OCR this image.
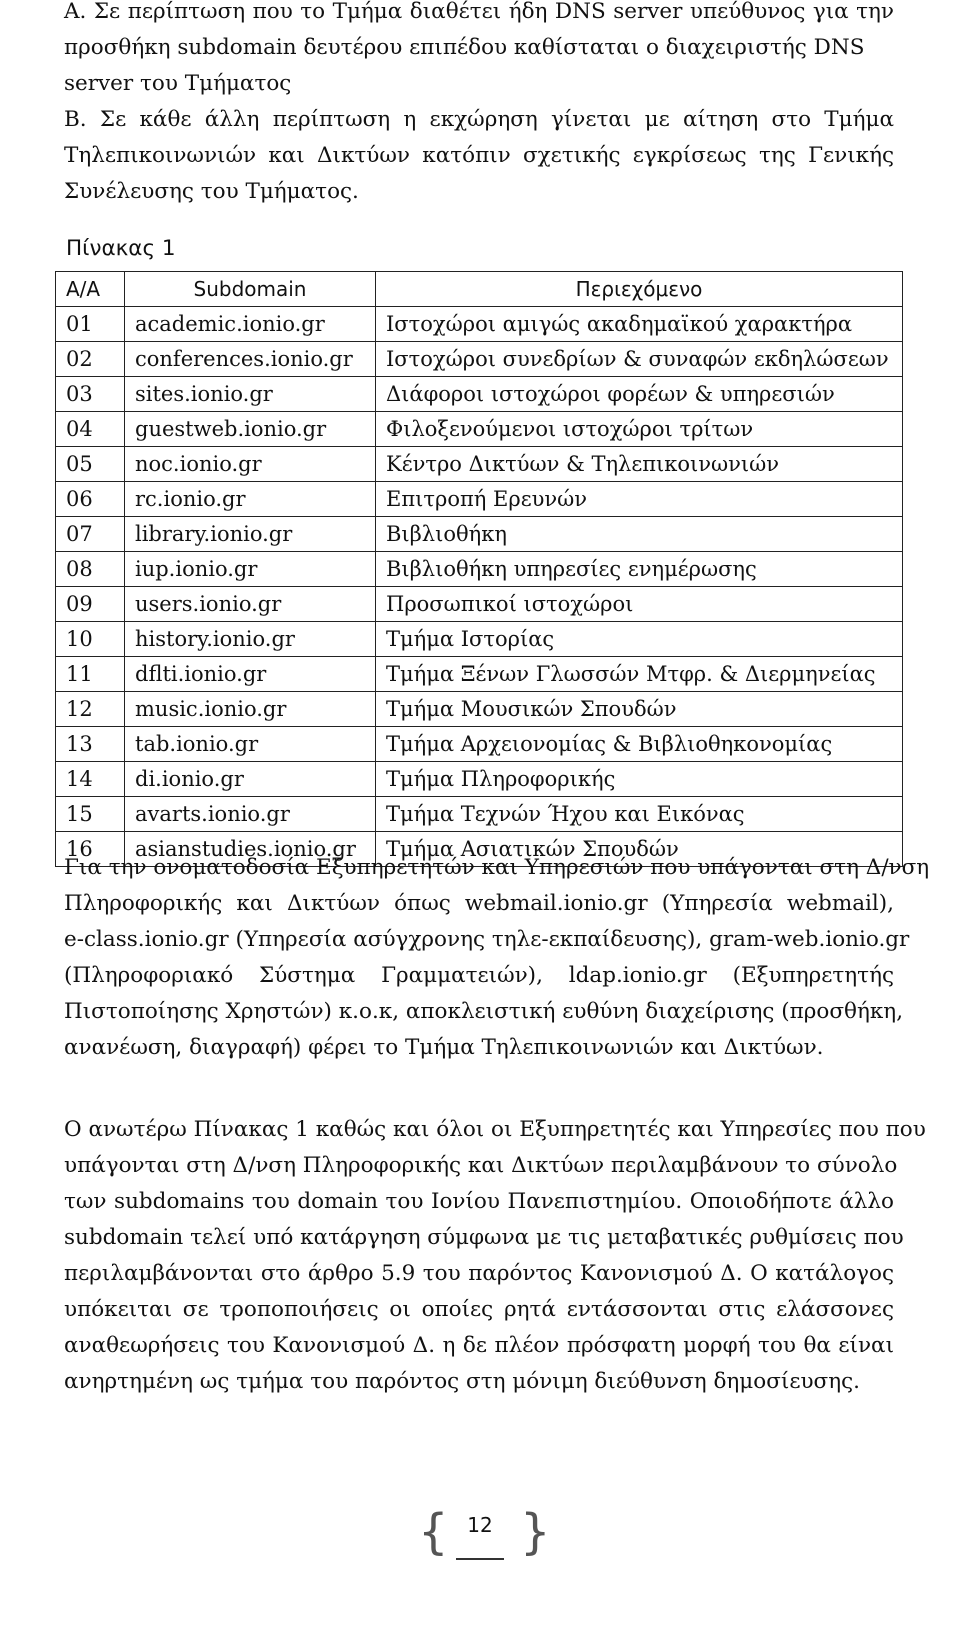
Α. Σε περίπτωση που το Τμήμα διαθέτει ήδη DNS server υπεύθυνος για την
προσθήκη subdomain δευτέρου επιπέδου καθίσταται ο διαχειριστής DNS
server του Τμήματος
Β. Σε κάθε άλλη περίπτωση η εκχώρηση γίνεται με αίτηση στο Τμήμα
Τηλεπικοινωνιών και Δικτύων κατόπιν σχετικής εγκρίσεως της Γενικής
Συνέλευσης του Τμήματος.
Πίνακας 1
Α/Α	Subdomain	Περιεχόμενο
01	academic.ionio.gr	Ιστοχώροι αμιγώς ακαδημαϊκού χαρακτήρα
02	conferences.ionio.gr	Ιστοχώροι συνεδρίων & συναφών εκδηλώσεων
03	sites.ionio.gr	Διάφοροι ιστοχώροι φορέων & υπηρεσιών
04	guestweb.ionio.gr	Φιλοξενούμενοι ιστοχώροι τρίτων
05	noc.ionio.gr	Κέντρο Δικτύων & Τηλεπικοινωνιών
06	rc.ionio.gr	Επιτροπή Ερευνών
07	library.ionio.gr	Βιβλιοθήκη
08	iup.ionio.gr	Βιβλιοθήκη υπηρεσίες ενημέρωσης
09	users.ionio.gr	Προσωπικοί ιστοχώροι
10	history.ionio.gr	Τμήμα Ιστορίας
11	dflti.ionio.gr	Τμήμα Ξένων Γλωσσών Μτφρ. & Διερμηνείας
12	music.ionio.gr	Τμήμα Μουσικών Σπουδών
13	tab.ionio.gr	Τμήμα Αρχειονομίας & Βιβλιοθηκονομίας
14	di.ionio.gr	Τμήμα Πληροφορικής
15	avarts.ionio.gr	Τμήμα Τεχνών Ήχου και Εικόνας
16	asianstudies.ionio.gr	Τμήμα Ασιατικών Σπουδών
Για την ονοματοδοσία Εξυπηρετητών και Υπηρεσιών που υπάγονται στη Δ/νση
Πληροφορικής και Δικτύων όπως webmail.ionio.gr (Υπηρεσία webmail),
e-class.ionio.gr (Υπηρεσία ασύγχρονης τηλε-εκπαίδευσης), gram-web.ionio.gr
(Πληροφοριακό Σύστημα Γραμματειών), ldap.ionio.gr (Εξυπηρετητής
Πιστοποίησης Χρηστών) κ.ο.κ, αποκλειστική ευθύνη διαχείρισης (προσθήκη,
ανανέωση, διαγραφή) φέρει το Τμήμα Τηλεπικοινωνιών και Δικτύων.
Ο ανωτέρω Πίνακας 1 καθώς και όλοι οι Εξυπηρετητές και Υπηρεσίες που που
υπάγονται στη Δ/νση Πληροφορικής και Δικτύων περιλαμβάνουν το σύνολο
των subdomains του domain του Ιονίου Πανεπιστημίου. Οποιοδήποτε άλλο
subdomain τελεί υπό κατάργηση σύμφωνα με τις μεταβατικές ρυθμίσεις που
περιλαμβάνονται στο άρθρο 5.9 του παρόντος Κανονισμού Δ. Ο κατάλογος
υπόκειται σε τροποποιήσεις οι οποίες ρητά εντάσσονται στις ελάσσονες
αναθεωρήσεις του Κανονισμού Δ. η δε πλέον πρόσφατη μορφή του θα είναι
ανηρτημένη ως τμήμα του παρόντος στη μόνιμη διεύθυνση δημοσίευσης.
{ }
12
